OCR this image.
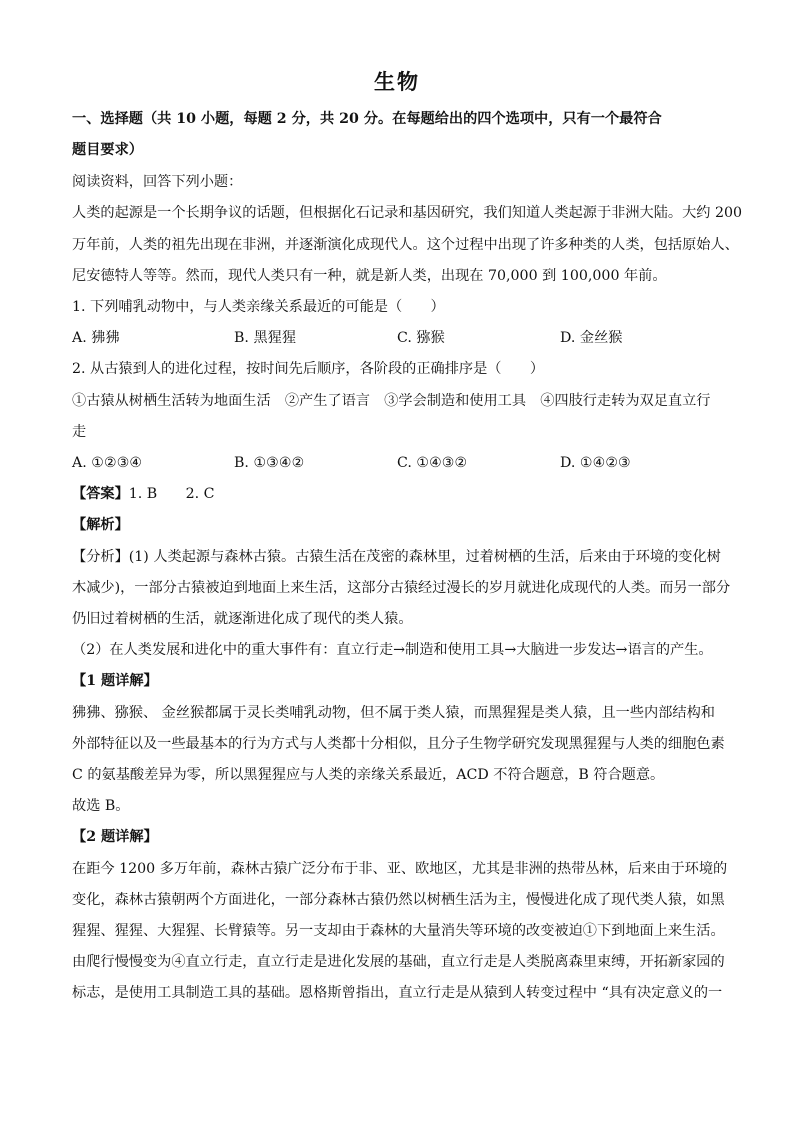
生物
一、选择题（共 10 小题，每题 2 分，共 20 分。在每题给出的四个选项中，只有一个最符合
题目要求）
阅读资料，回答下列小题：
人类的起源是一个长期争议的话题，但根据化石记录和基因研究，我们知道人类起源于非洲大陆。大约 200
万年前，人类的祖先出现在非洲，并逐渐演化成现代人。这个过程中出现了许多种类的人类，包括原始人、
尼安德特人等等。然而，现代人类只有一种，就是新人类，出现在 70,000 到 100,000 年前。
1. 下列哺乳动物中，与人类亲缘关系最近的可能是（　　）
A. 狒狒	B. 黑猩猩	C. 猕猴	D. 金丝猴
2. 从古猿到人的进化过程，按时间先后顺序，各阶段的正确排序是（　　）
①古猿从树栖生活转为地面生活　②产生了语言　③学会制造和使用工具　④四肢行走转为双足直立行
走
A. ①②③④	B. ①③④②	C. ①④③②	D. ①④②③
【答案】1. B　　2. C
【解析】
【分析】(1) 人类起源与森林古猿。古猿生活在茂密的森林里，过着树栖的生活，后来由于环境的变化树
木减少)，一部分古猿被迫到地面上来生活，这部分古猿经过漫长的岁月就进化成现代的人类。而另一部分
仍旧过着树栖的生活，就逐渐进化成了现代的类人猿。
（2）在人类发展和进化中的重大事件有：直立行走→制造和使用工具→大脑进一步发达→语言的产生。
【1 题详解】
狒狒、猕猴、 金丝猴都属于灵长类哺乳动物，但不属于类人猿，而黑猩猩是类人猿，且一些内部结构和
外部特征以及一些最基本的行为方式与人类都十分相似，且分子生物学研究发现黑猩猩与人类的细胞色素
C 的氨基酸差异为零，所以黑猩猩应与人类的亲缘关系最近，ACD 不符合题意，B 符合题意。
故选 B。
【2 题详解】
在距今 1200 多万年前，森林古猿广泛分布于非、亚、欧地区，尤其是非洲的热带丛林，后来由于环境的
变化，森林古猿朝两个方面进化，一部分森林古猿仍然以树栖生活为主，慢慢进化成了现代类人猿，如黑
猩猩、猩猩、大猩猩、长臂猿等。另一支却由于森林的大量消失等环境的改变被迫①下到地面上来生活。
由爬行慢慢变为④直立行走，直立行走是进化发展的基础，直立行走是人类脱离森里束缚，开拓新家园的
标志，是使用工具制造工具的基础。恩格斯曾指出，直立行走是从猿到人转变过程中 “具有决定意义的一
